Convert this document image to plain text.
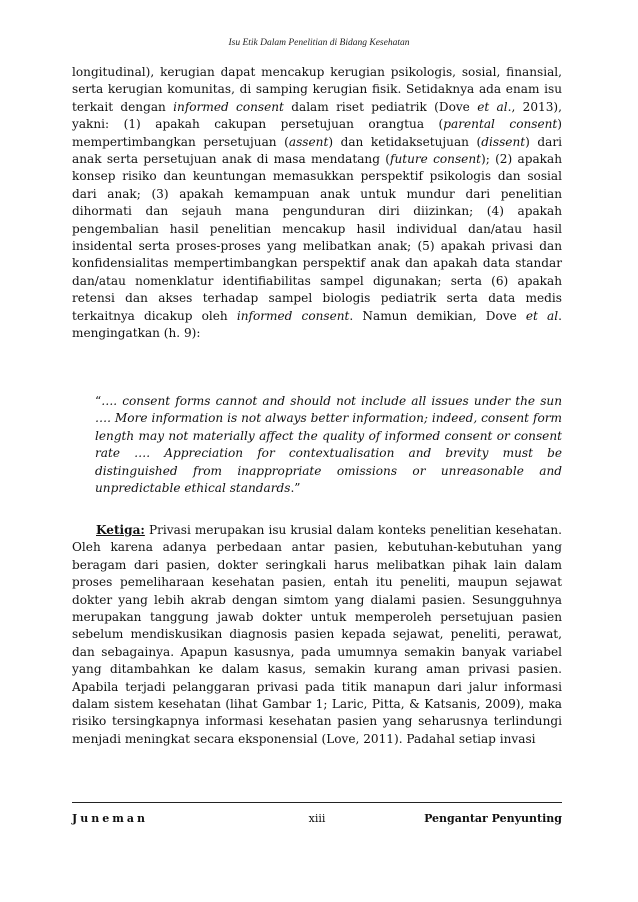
Isu Etik Dalam Penelitian di Bidang Kesehatan

longitudinal), kerugian dapat mencakup kerugian psikologis, sosial, finansial, serta kerugian komunitas, di samping kerugian fisik. Setidaknya ada enam isu terkait dengan informed consent dalam riset pediatrik (Dove et al., 2013), yakni: (1) apakah cakupan persetujuan orangtua (parental consent) mempertimbangkan persetujuan (assent) dan ketidaksetujuan (dissent) dari anak serta persetujuan anak di masa mendatang (future consent); (2) apakah konsep risiko dan keuntungan memasukkan perspektif psikologis dan sosial dari anak; (3) apakah kemampuan anak untuk mundur dari penelitian dihormati dan sejauh mana pengunduran diri diizinkan; (4) apakah pengembalian hasil penelitian mencakup hasil individual dan/atau hasil insidental serta proses-proses yang melibatkan anak; (5) apakah privasi dan konfidensialitas mempertimbangkan perspektif anak dan apakah data standar dan/atau nomenklatur identifiabilitas sampel digunakan; serta (6) apakah retensi dan akses terhadap sampel biologis pediatrik serta data medis terkaitnya dicakup oleh informed consent. Namun demikian, Dove et al. mengingatkan (h. 9):

“…. consent forms cannot and should not include all issues under the sun …. More information is not always better information; indeed, consent form length may not materially affect the quality of informed consent or consent rate …. Appreciation for contextualisation and brevity must be distinguished from inappropriate omissions or unreasonable and unpredictable ethical standards.”
Ketiga: Privasi merupakan isu krusial dalam konteks penelitian kesehatan. Oleh karena adanya perbedaan antar pasien, kebutuhan-kebutuhan yang beragam dari pasien, dokter seringkali harus melibatkan pihak lain dalam proses pemeliharaan kesehatan pasien, entah itu peneliti, maupun sejawat dokter yang lebih akrab dengan simtom yang dialami pasien. Sesungguhnya merupakan tanggung jawab dokter untuk memperoleh persetujuan pasien sebelum mendiskusikan diagnosis pasien kepada sejawat, peneliti, perawat, dan sebagainya. Apapun kasusnya, pada umumnya semakin banyak variabel yang ditambahkan ke dalam kasus, semakin kurang aman privasi pasien. Apabila terjadi pelanggaran privasi pada titik manapun dari jalur informasi dalam sistem kesehatan (lihat Gambar 1; Laric, Pitta, & Katsanis, 2009), maka risiko tersingkapnya informasi kesehatan pasien yang seharusnya terlindungi menjadi meningkat secara eksponensial (Love, 2011). Padahal setiap invasi
Juneman	xiii	Pengantar Penyunting
